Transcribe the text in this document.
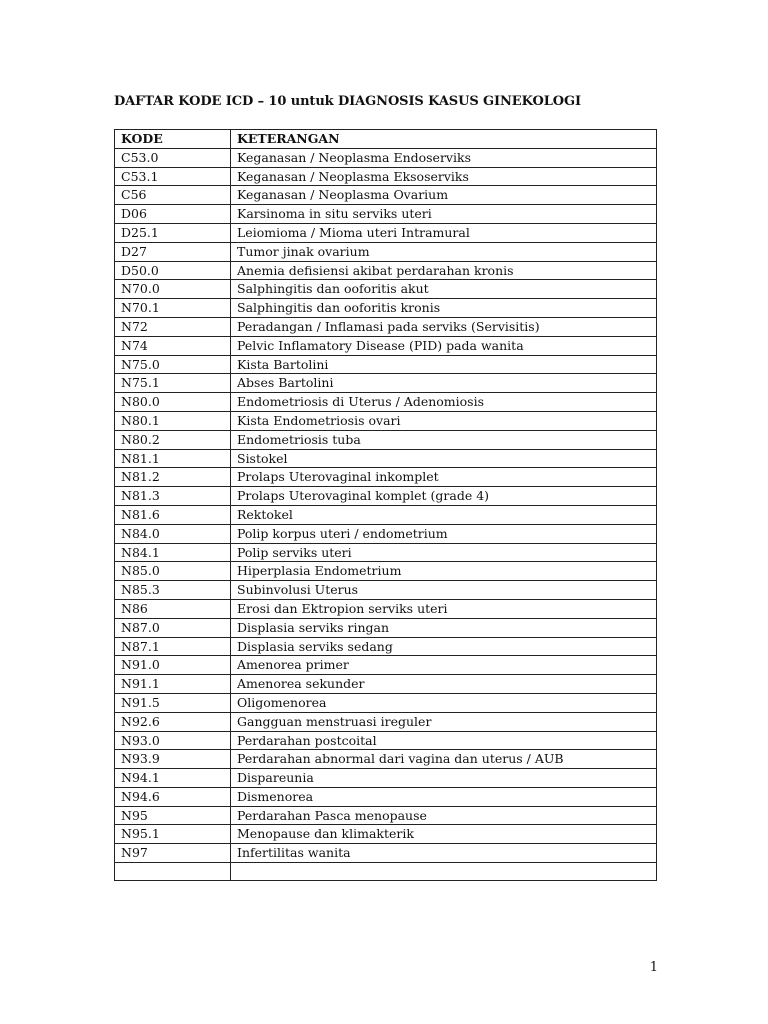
DAFTAR KODE ICD – 10 untuk DIAGNOSIS KASUS GINEKOLOGI
KODE	KETERANGAN
C53.0	Keganasan / Neoplasma Endoserviks
C53.1	Keganasan / Neoplasma Eksoserviks
C56	Keganasan / Neoplasma Ovarium
D06	Karsinoma in situ serviks uteri
D25.1	Leiomioma / Mioma uteri Intramural
D27	Tumor jinak ovarium
D50.0	Anemia defisiensi akibat perdarahan kronis
N70.0	Salphingitis dan ooforitis akut
N70.1	Salphingitis dan ooforitis kronis
N72	Peradangan / Inflamasi pada serviks (Servisitis)
N74	Pelvic Inflamatory Disease (PID) pada wanita
N75.0	Kista Bartolini
N75.1	Abses Bartolini
N80.0	Endometriosis di Uterus / Adenomiosis
N80.1	Kista Endometriosis ovari
N80.2	Endometriosis tuba
N81.1	Sistokel
N81.2	Prolaps Uterovaginal inkomplet
N81.3	Prolaps Uterovaginal komplet (grade 4)
N81.6	Rektokel
N84.0	Polip korpus uteri / endometrium
N84.1	Polip serviks uteri
N85.0	Hiperplasia Endometrium
N85.3	Subinvolusi Uterus
N86	Erosi dan Ektropion serviks uteri
N87.0	Displasia serviks ringan
N87.1	Displasia serviks sedang
N91.0	Amenorea primer
N91.1	Amenorea sekunder
N91.5	Oligomenorea
N92.6	Gangguan menstruasi ireguler
N93.0	Perdarahan postcoital
N93.9	Perdarahan abnormal dari vagina dan uterus / AUB
N94.1	Dispareunia
N94.6	Dismenorea
N95	Perdarahan Pasca menopause
N95.1	Menopause dan klimakterik
N97	Infertilitas wanita

1
